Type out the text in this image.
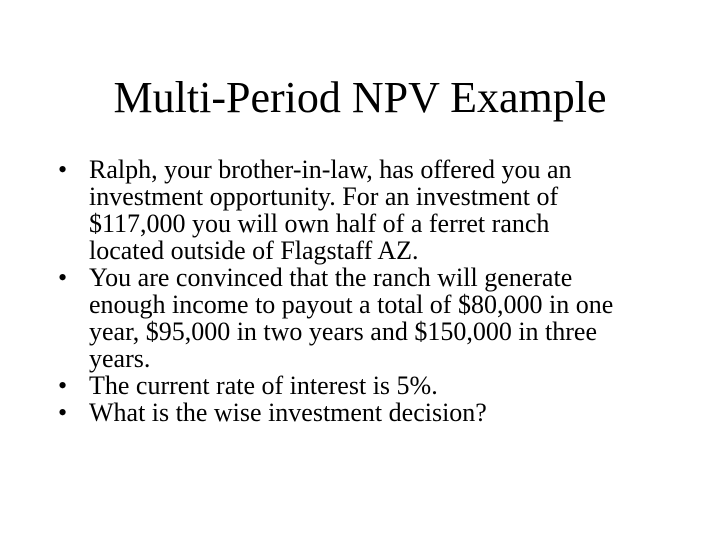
Multi-Period NPV Example
• Ralph, your brother-in-law, has offered you an
investment opportunity. For an investment of
$117,000 you will own half of a ferret ranch
located outside of Flagstaff AZ.
• You are convinced that the ranch will generate
enough income to payout a total of $80,000 in one
year, $95,000 in two years and $150,000 in three
years.
• The current rate of interest is 5%.
• What is the wise investment decision?
